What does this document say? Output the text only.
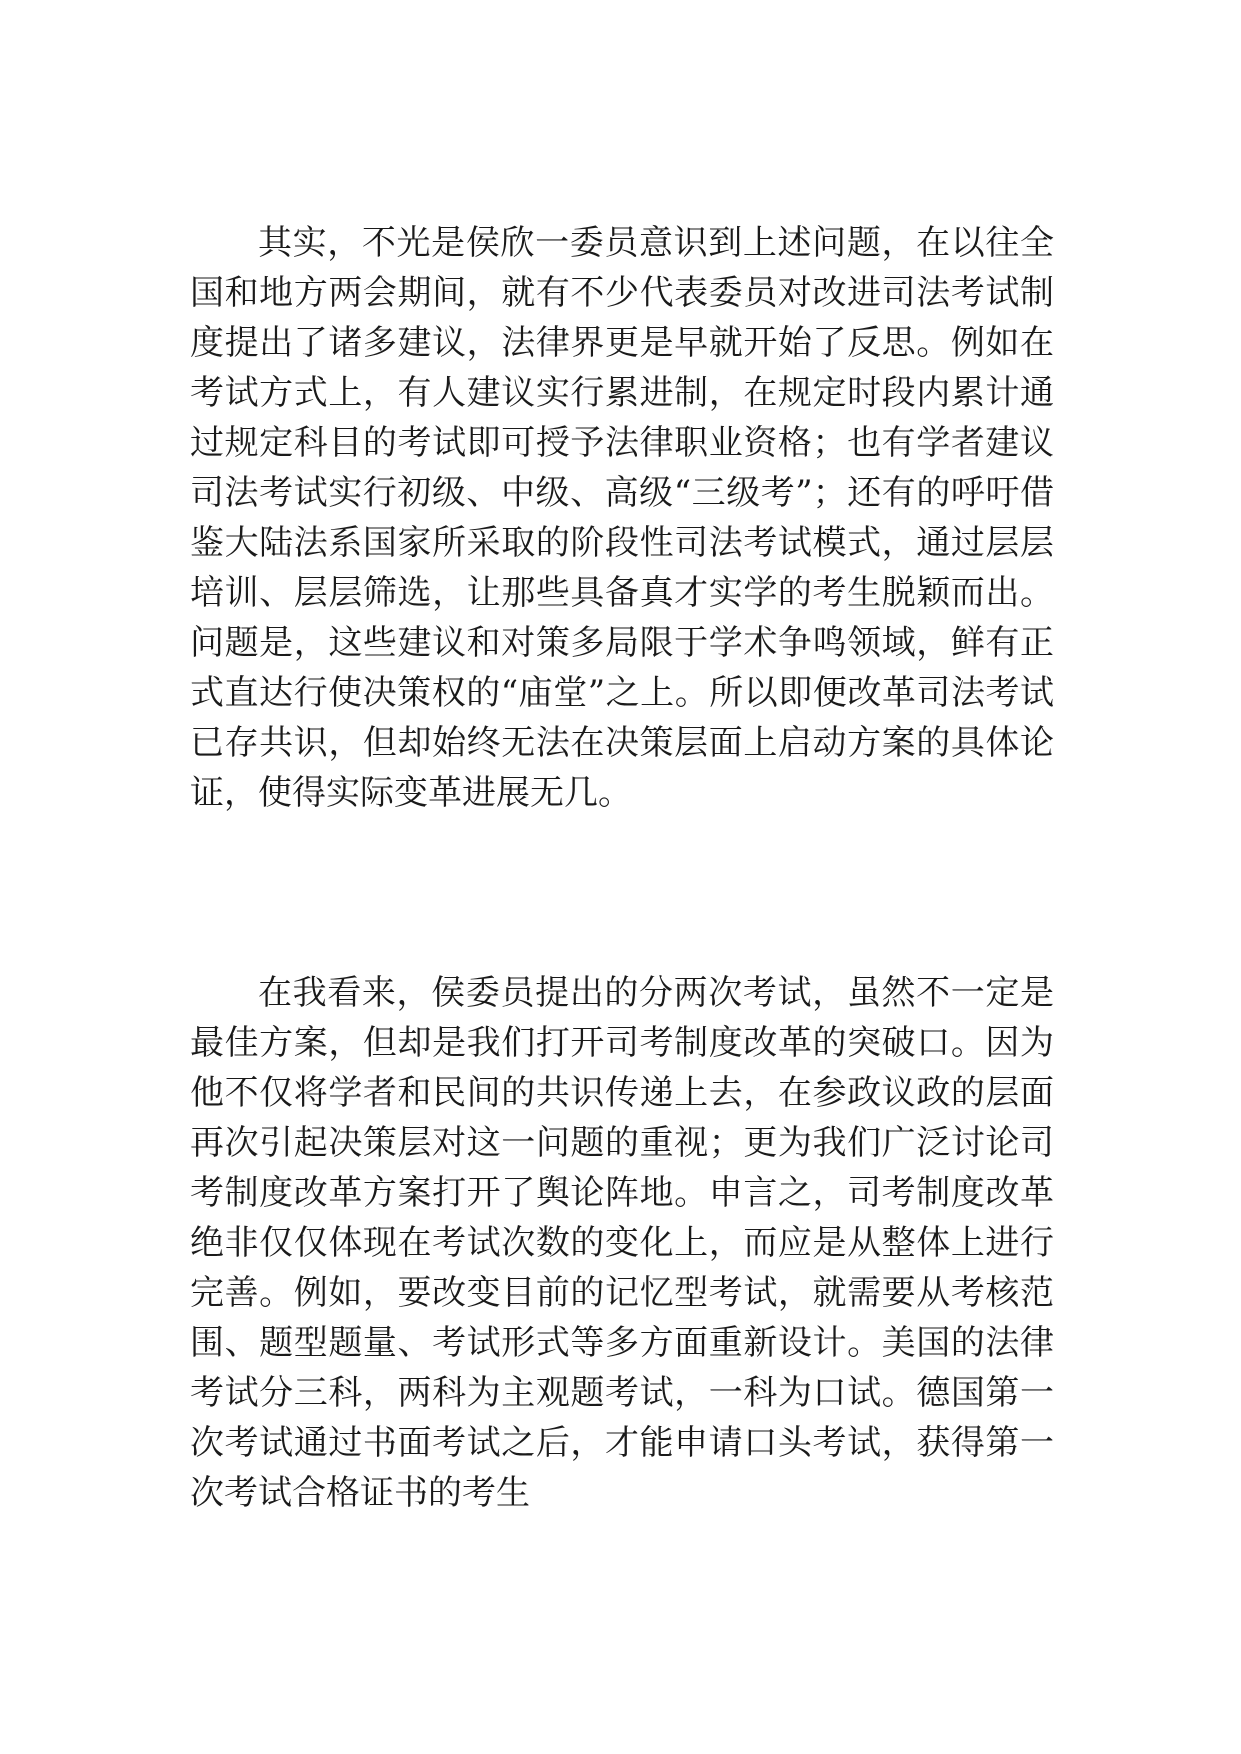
其实，不光是侯欣一委员意识到上述问题，在以往全国和地方两会期间，就有不少代表委员对改进司法考试制度提出了诸多建议，法律界更是早就开始了反思。例如在考试方式上，有人建议实行累进制，在规定时段内累计通过规定科目的考试即可授予法律职业资格；也有学者建议司法考试实行初级、中级、高级“三级考”；还有的呼吁借鉴大陆法系国家所采取的阶段性司法考试模式，通过层层培训、层层筛选，让那些具备真才实学的考生脱颖而出。问题是，这些建议和对策多局限于学术争鸣领域，鲜有正式直达行使决策权的“庙堂”之上。所以即便改革司法考试已存共识，但却始终无法在决策层面上启动方案的具体论证，使得实际变革进展无几。

在我看来，侯委员提出的分两次考试，虽然不一定是最佳方案，但却是我们打开司考制度改革的突破口。因为他不仅将学者和民间的共识传递上去，在参政议政的层面再次引起决策层对这一问题的重视；更为我们广泛讨论司考制度改革方案打开了舆论阵地。申言之，司考制度改革绝非仅仅体现在考试次数的变化上，而应是从整体上进行完善。例如，要改变目前的记忆型考试，就需要从考核范围、题型题量、考试形式等多方面重新设计。美国的法律考试分三科，两科为主观题考试，一科为口试。德国第一次考试通过书面考试之后，才能申请口头考试，获得第一次考试合格证书的考生
